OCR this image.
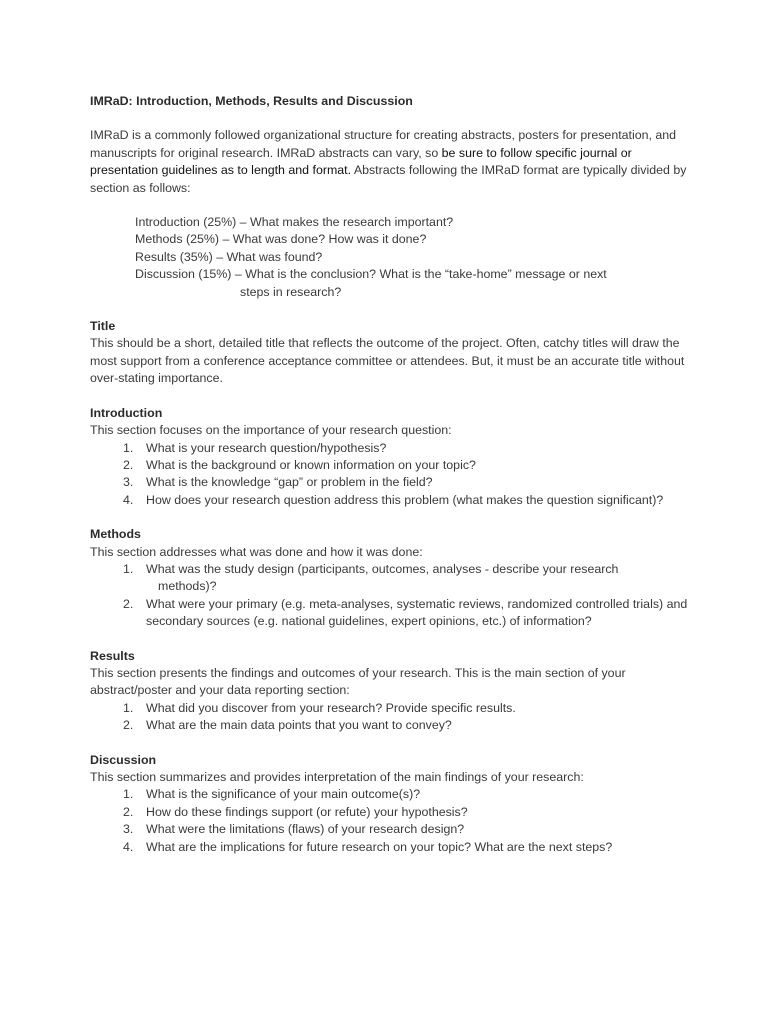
IMRaD: Introduction, Methods, Results and Discussion

IMRaD is a commonly followed organizational structure for creating abstracts, posters for presentation, and manuscripts for original research. IMRaD abstracts can vary, so be sure to follow specific journal or presentation guidelines as to length and format. Abstracts following the IMRaD format are typically divided by section as follows:

Introduction (25%) – What makes the research important?
Methods (25%) – What was done? How was it done?
Results (35%) – What was found?
Discussion (15%) – What is the conclusion? What is the “take-home” message or next
steps in research?

Title

This should be a short, detailed title that reflects the outcome of the project. Often, catchy titles will draw the most support from a conference acceptance committee or attendees. But, it must be an accurate title without over-stating importance.

Introduction

This section focuses on the importance of your research question:

1. What is your research question/hypothesis?
2. What is the background or known information on your topic?
3. What is the knowledge “gap” or problem in the field?
4. How does your research question address this problem (what makes the question significant)?

Methods

This section addresses what was done and how it was done:

1. What was the study design (participants, outcomes, analyses - describe your research
methods)?
2. What were your primary (e.g. meta-analyses, systematic reviews, randomized controlled trials) and secondary sources (e.g. national guidelines, expert opinions, etc.) of information?

Results

This section presents the findings and outcomes of your research. This is the main section of your abstract/poster and your data reporting section:

1. What did you discover from your research? Provide specific results.
2. What are the main data points that you want to convey?

Discussion

This section summarizes and provides interpretation of the main findings of your research:

1. What is the significance of your main outcome(s)?
2. How do these findings support (or refute) your hypothesis?
3. What were the limitations (flaws) of your research design?
4. What are the implications for future research on your topic? What are the next steps?
